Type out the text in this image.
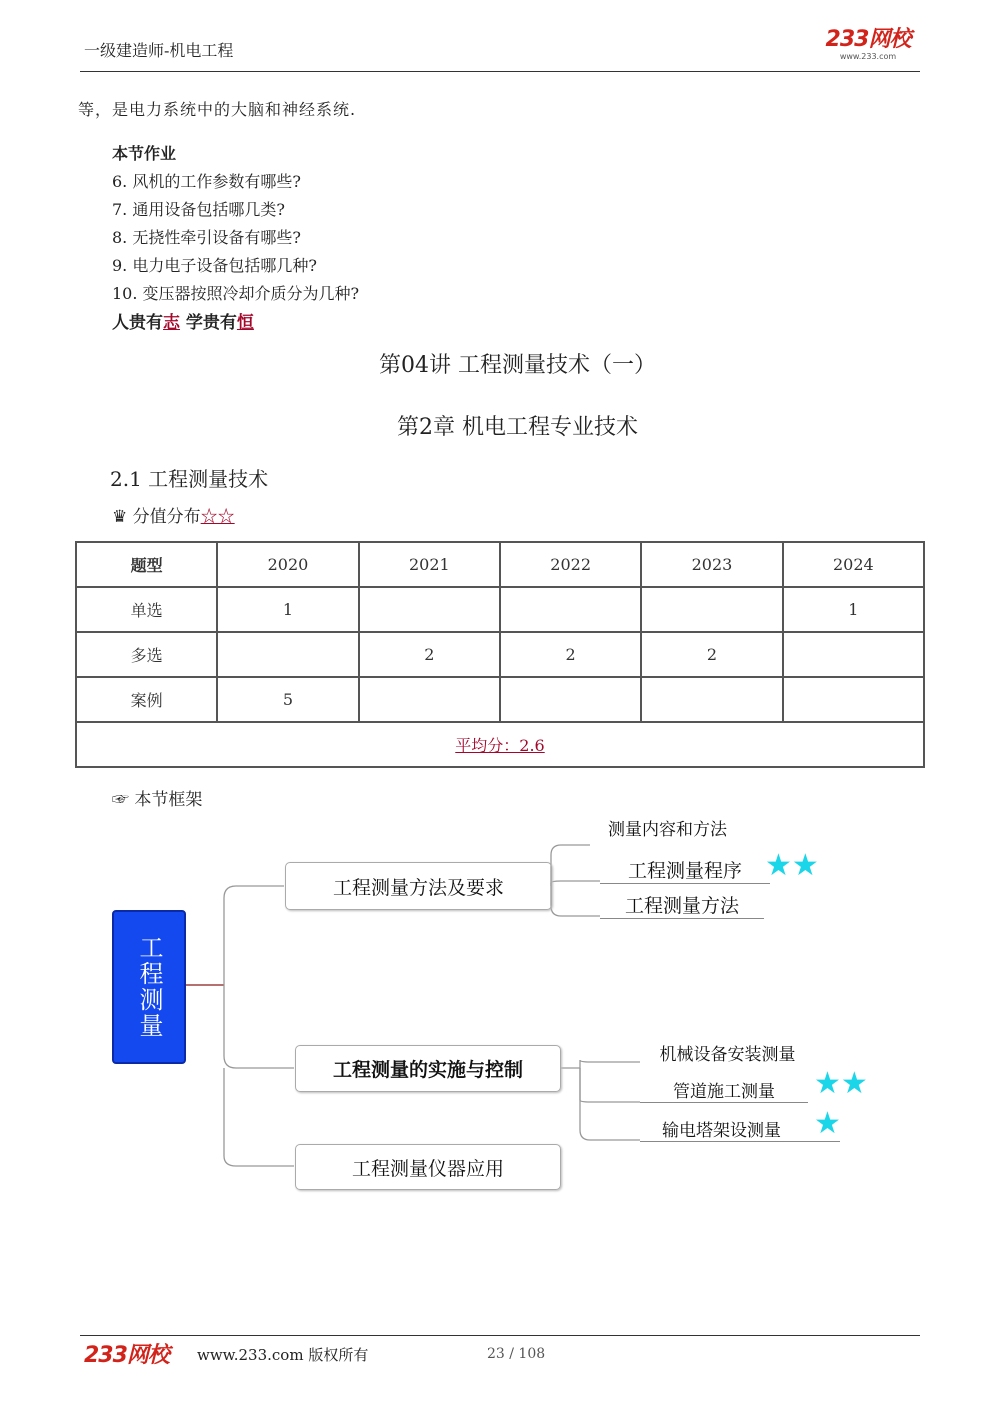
一级建造师-机电工程	233网校
www.233.com
等，是电力系统中的大脑和神经系统.
本节作业
6. 风机的工作参数有哪些?
7. 通用设备包括哪几类?
8. 无挠性牵引设备有哪些?
9. 电力电子设备包括哪几种?
10. 变压器按照冷却介质分为几种?
人贵有志 学贵有恒
第04讲 工程测量技术（一）
第2章 机电工程专业技术
2.1 工程测量技术
♛ 分值分布☆☆
题型	2020	2021	2022	2023	2024
单选	1				1
多选		2	2	2	
案例	5				
平均分：2.6					
☞ 本节框架
工程测量
工程测量方法及要求
工程测量的实施与控制
工程测量仪器应用
测量内容和方法
工程测量程序 ★★
工程测量方法
机械设备安装测量
管道施工测量	★★
输电塔架设测量	★
233网校 www.233.com 版权所有	23 / 108
